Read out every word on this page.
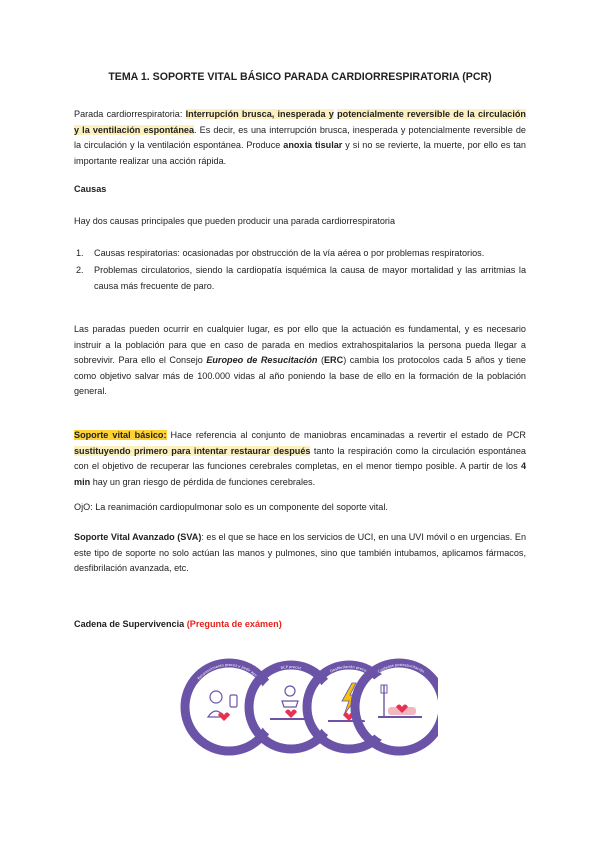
TEMA 1. SOPORTE VITAL BÁSICO PARADA CARDIORRESPIRATORIA (PCR)

Parada cardiorrespiratoria: Interrupción brusca, inesperada y potencialmente reversible de la circulación y la ventilación espontánea. Es decir, es una interrupción brusca, inesperada y potencialmente reversible de la circulación y la ventilación espontánea. Produce anoxia tisular y si no se revierte, la muerte, por ello es tan importante realizar una acción rápida.

Causas

Hay dos causas principales que pueden producir una parada cardiorrespiratoria

1. Causas respiratorias: ocasionadas por obstrucción de la vía aérea o por problemas respiratorios.
2. Problemas circulatorios, siendo la cardiopatía isquémica la causa de mayor mortalidad y las arritmias la causa más frecuente de paro.

Las paradas pueden ocurrir en cualquier lugar, es por ello que la actuación es fundamental, y es necesario instruir a la población para que en caso de parada en medios extrahospitalarios la persona pueda llegar a sobrevivir. Para ello el Consejo Europeo de Resucitación (ERC) cambia los protocolos cada 5 años y tiene como objetivo salvar más de 100.000 vidas al año poniendo la base de ello en la formación de la población general.

Soporte vital básico: Hace referencia al conjunto de maniobras encaminadas a revertir el estado de PCR sustituyendo primero para intentar restaurar después tanto la respiración como la circulación espontánea con el objetivo de recuperar las funciones cerebrales completas, en el menor tiempo posible. A partir de los 4 min hay un gran riesgo de pérdida de funciones cerebrales.

OjO: La reanimación cardiopulmonar solo es un componente del soporte vital.

Soporte Vital Avanzado (SVA): es el que se hace en los servicios de UCI, en una UVI móvil o en urgencias. En este tipo de soporte no solo actúan las manos y pulmones, sino que también intubamos, aplicamos fármacos, desfibrilación avanzada, etc.

Cadena de Supervivencia (Pregunta de exámen)

Reconocimiento precoz y pedir ayuda
para prevenir la parada cardíaca
RCP precoz
para ganar tiempo
Desfibrilación precoz
para reiniciar el corazón
Cuidados postresucitación
para restaurar la calidad de vida
